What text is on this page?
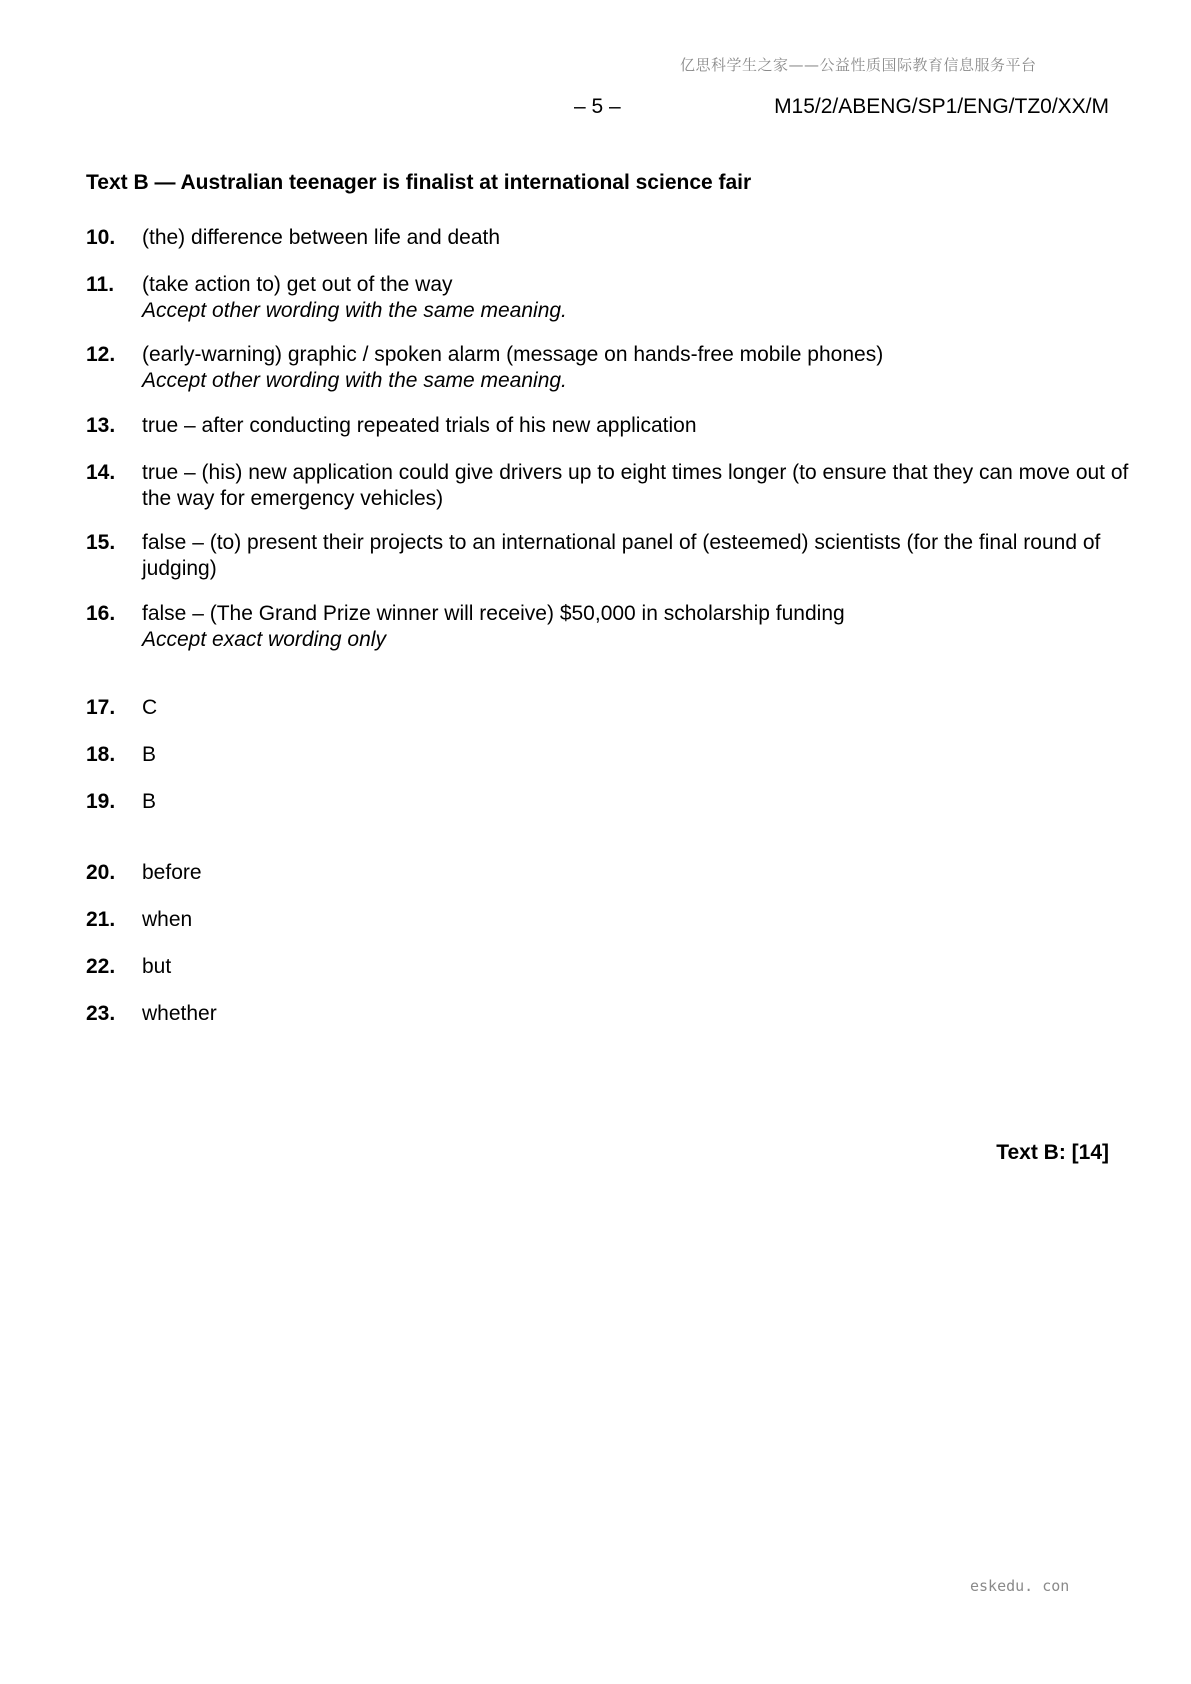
亿思科学生之家——公益性质国际教育信息服务平台
– 5 –	M15/2/ABENG/SP1/ENG/TZ0/XX/M
Text B — Australian teenager is finalist at international science fair
10. (the) difference between life and death
11. (take action to) get out of the way
Accept other wording with the same meaning.
12. (early-warning) graphic / spoken alarm (message on hands-free mobile phones)
Accept other wording with the same meaning.
13. true – after conducting repeated trials of his new application
14. true – (his) new application could give drivers up to eight times longer (to ensure that they can move out of the way for emergency vehicles)
15. false – (to) present their projects to an international panel of (esteemed) scientists (for the final round of judging)
16. false – (The Grand Prize winner will receive) $50,000 in scholarship funding
Accept exact wording only
17. C
18. B
19. B
20. before
21. when
22. but
23. whether
Text B: [14]
eskedu. con
